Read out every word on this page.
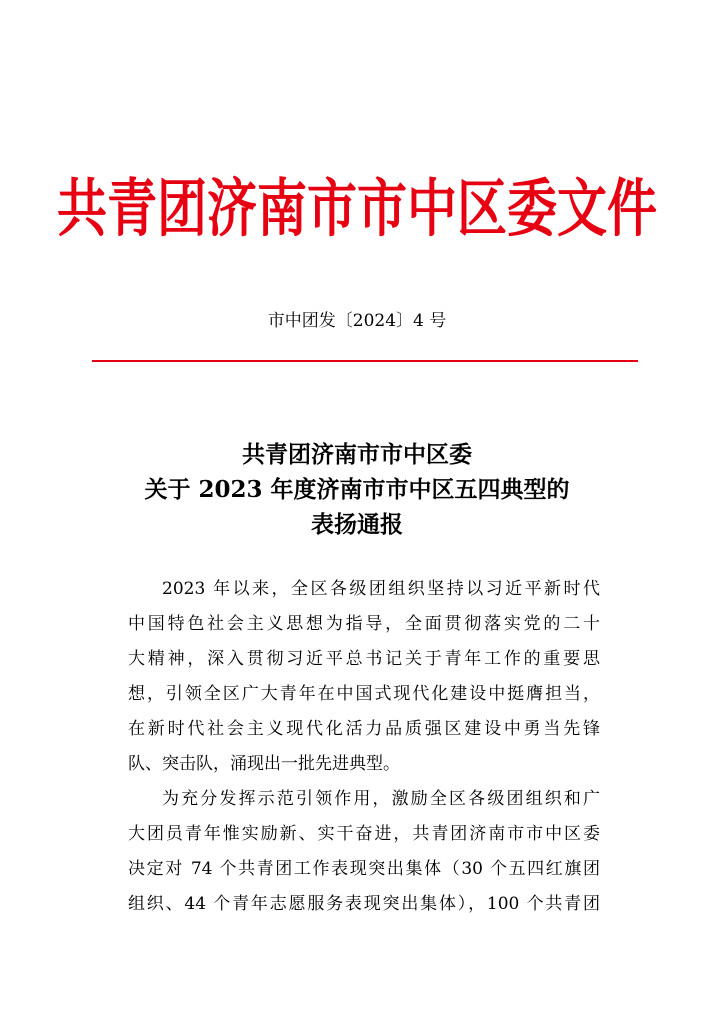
共青团济南市市中区委文件
市中团发〔2024〕4 号
共青团济南市市中区委
关于 2023 年度济南市市中区五四典型的
表扬通报
2023 年以来，全区各级团组织坚持以习近平新时代
中国特色社会主义思想为指导，全面贯彻落实党的二十
大精神，深入贯彻习近平总书记关于青年工作的重要思
想，引领全区广大青年在中国式现代化建设中挺膺担当，
在新时代社会主义现代化活力品质强区建设中勇当先锋
队、突击队，涌现出一批先进典型。
为充分发挥示范引领作用，激励全区各级团组织和广
大团员青年惟实励新、实干奋进，共青团济南市市中区委
决定对 74 个共青团工作表现突出集体（30 个五四红旗团
组织、44 个青年志愿服务表现突出集体），100 个共青团
